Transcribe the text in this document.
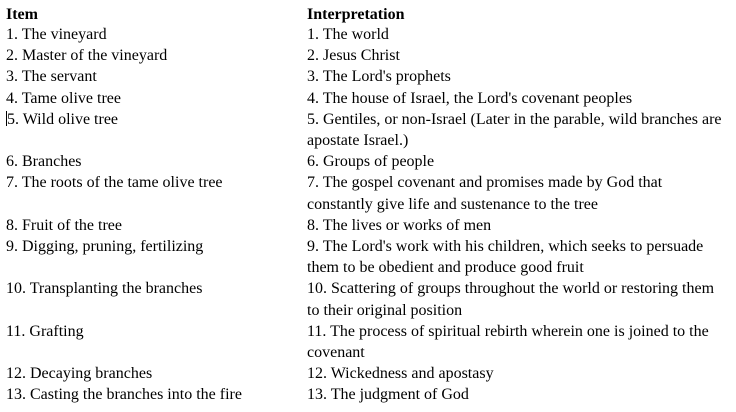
Item	Interpretation
1. The vineyard	1. The world
2. Master of the vineyard	2. Jesus Christ
3. The servant	3. The Lord's prophets
4. Tame olive tree	4. The house of Israel, the Lord's covenant peoples
5. Wild olive tree	5. Gentiles, or non-Israel (Later in the parable, wild branches are apostate Israel.)
6. Branches	6. Groups of people
7. The roots of the tame olive tree	7. The gospel covenant and promises made by God that constantly give life and sustenance to the tree
8. Fruit of the tree	8. The lives or works of men
9. Digging, pruning, fertilizing	9. The Lord's work with his children, which seeks to persuade them to be obedient and produce good fruit
10. Transplanting the branches	10. Scattering of groups throughout the world or restoring them to their original position
11. Grafting	11. The process of spiritual rebirth wherein one is joined to the covenant
12. Decaying branches	12. Wickedness and apostasy
13. Casting the branches into the fire	13. The judgment of God
